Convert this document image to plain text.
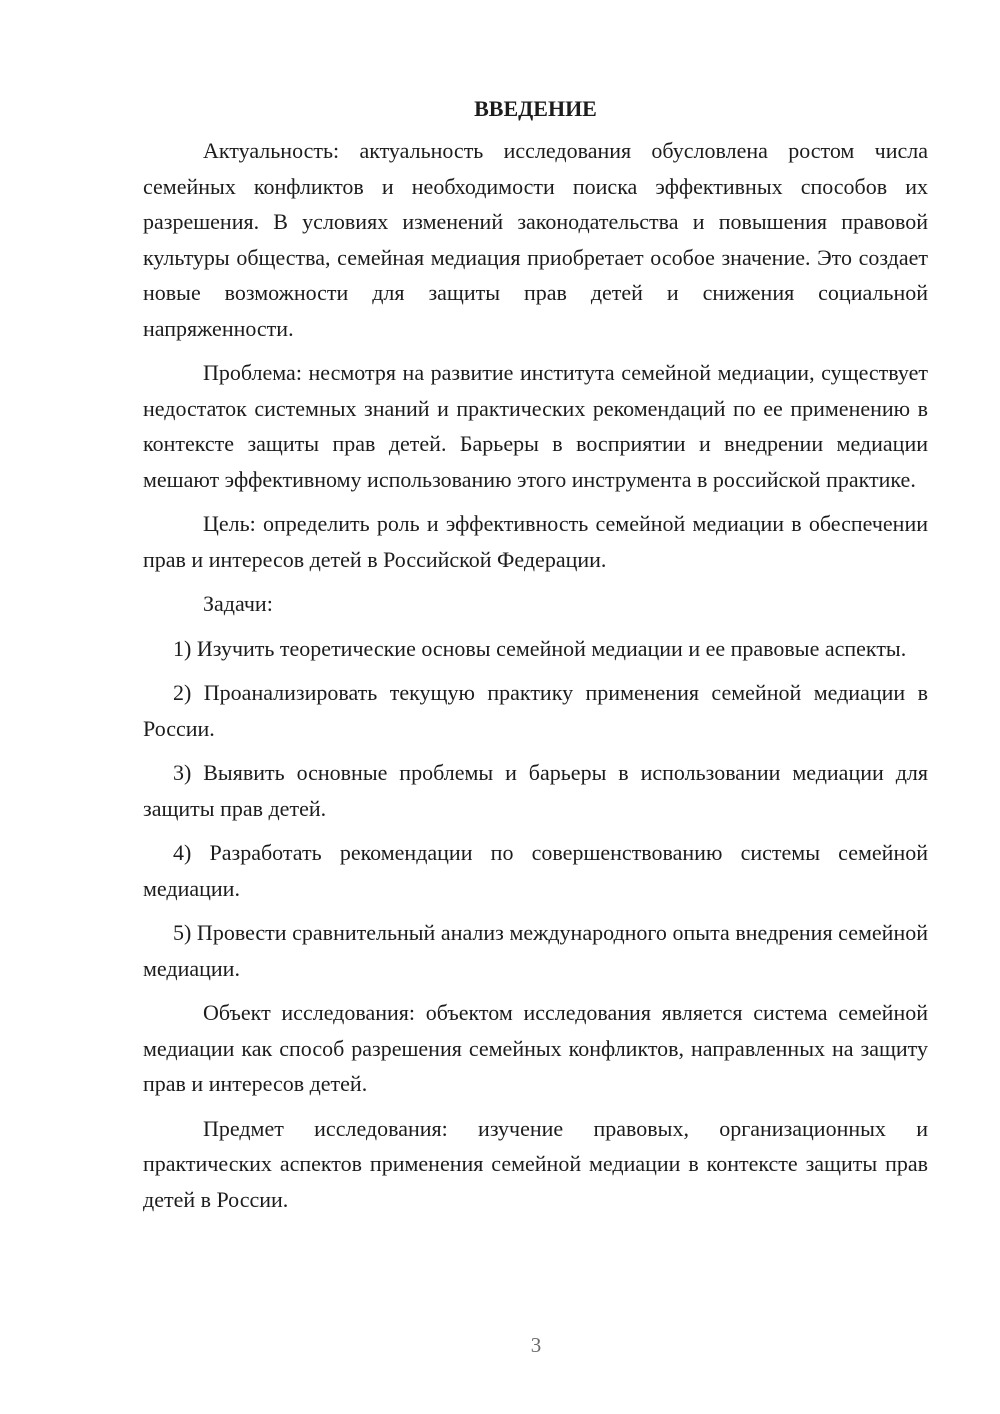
ВВЕДЕНИЕ

Актуальность: актуальность исследования обусловлена ростом числа семейных конфликтов и необходимости поиска эффективных способов их разрешения. В условиях изменений законодательства и повышения правовой культуры общества, семейная медиация приобретает особое значение. Это создает новые возможности для защиты прав детей и снижения социальной напряженности.

Проблема: несмотря на развитие института семейной медиации, существует недостаток системных знаний и практических рекомендаций по ее применению в контексте защиты прав детей. Барьеры в восприятии и внедрении медиации мешают эффективному использованию этого инструмента в российской практике.

Цель: определить роль и эффективность семейной медиации в обеспечении прав и интересов детей в Российской Федерации.

Задачи:

1) Изучить теоретические основы семейной медиации и ее правовые аспекты.

2) Проанализировать текущую практику применения семейной медиации в России.

3) Выявить основные проблемы и барьеры в использовании медиации для защиты прав детей.

4) Разработать рекомендации по совершенствованию системы семейной медиации.

5) Провести сравнительный анализ международного опыта внедрения семейной медиации.

Объект исследования: объектом исследования является система семейной медиации как способ разрешения семейных конфликтов, направленных на защиту прав и интересов детей.

Предмет исследования: изучение правовых, организационных и практических аспектов применения семейной медиации в контексте защиты прав детей в России.

3
